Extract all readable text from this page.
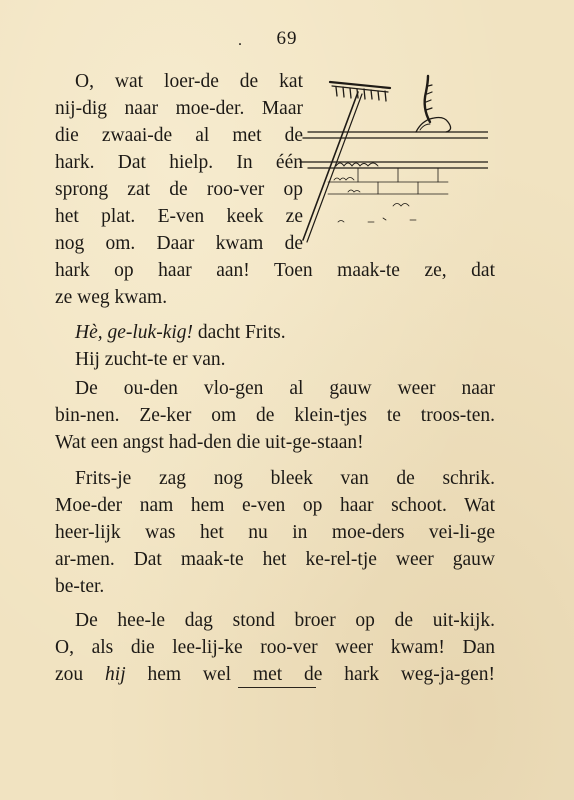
. 69
O, wat loer-de de kat
nij-dig naar moe-der. Maar
die zwaai-de al met de
hark. Dat hielp. In één
sprong zat de roo-ver op
het plat. E-ven keek ze
nog om. Daar kwam de
hark op haar aan! Toen maak-te ze, dat
ze weg kwam.
Hè, ge-luk-kig! dacht Frits.
Hij zucht-te er van.
De ou-den vlo-gen al gauw weer naar
bin-nen. Ze-ker om de klein-tjes te troos-ten.
Wat een angst had-den die uit-ge-staan!
Frits-je zag nog bleek van de schrik.
Moe-der nam hem e-ven op haar schoot. Wat
heer-lijk was het nu in moe-ders vei-li-ge
ar-men. Dat maak-te het ke-rel-tje weer gauw
be-ter.
De hee-le dag stond broer op de uit-kijk.
O, als die lee-lij-ke roo-ver weer kwam! Dan
zou hij hem wel met de hark weg-ja-gen!
